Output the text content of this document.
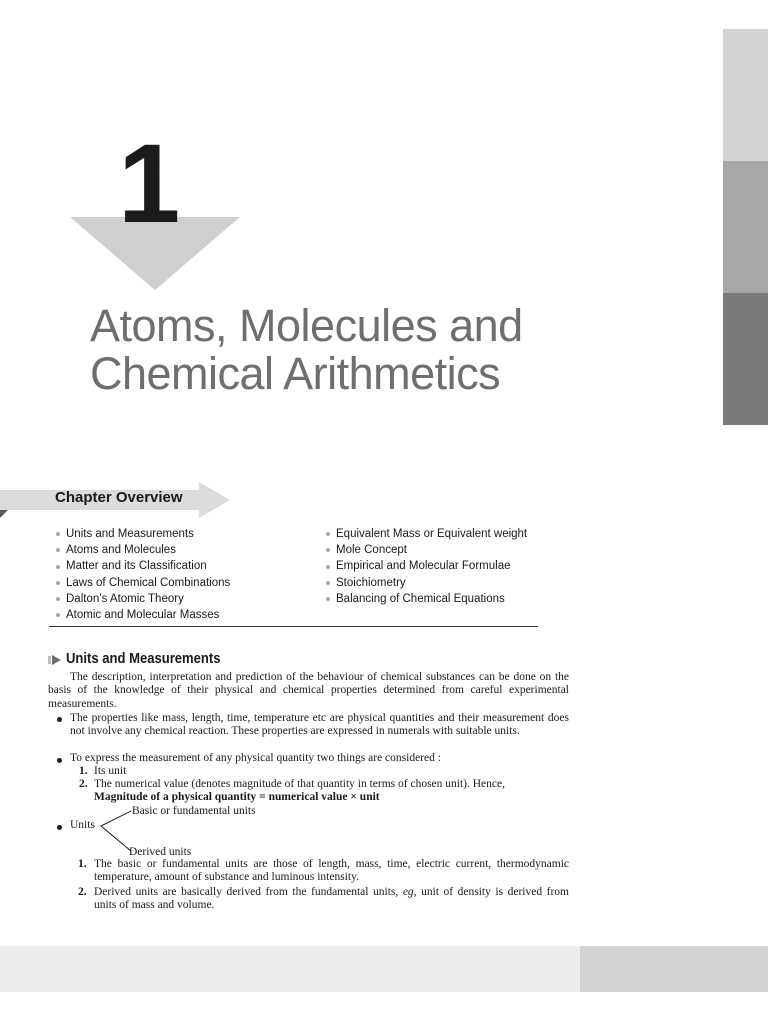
1
Atoms, Molecules and
Chemical Arithmetics
Chapter Overview
Units and Measurements
Atoms and Molecules
Matter and its Classification
Laws of Chemical Combinations
Dalton’s Atomic Theory
Atomic and Molecular Masses
Equivalent Mass or Equivalent weight
Mole Concept
Empirical and Molecular Formulae
Stoichiometry
Balancing of Chemical Equations
Units and Measurements
The description, interpretation and prediction of the behaviour of chemical substances can be done on the basis of the knowledge of their physical and chemical properties determined from careful experimental measurements.
The properties like mass, length, time, temperature etc are physical quantities and their measurement does not involve any chemical reaction. These properties are expressed in numerals with suitable units.
To express the measurement of any physical quantity two things are considered :
1. Its unit
2. The numerical value (denotes magnitude of that quantity in terms of chosen unit). Hence,
Magnitude of a physical quantity = numerical value × unit
Units
Basic or fundamental units
Derived units
1. The basic or fundamental units are those of length, mass, time, electric current, thermodynamic temperature, amount of substance and luminous intensity.
2. Derived units are basically derived from the fundamental units, eg, unit of density is derived from units of mass and volume.
